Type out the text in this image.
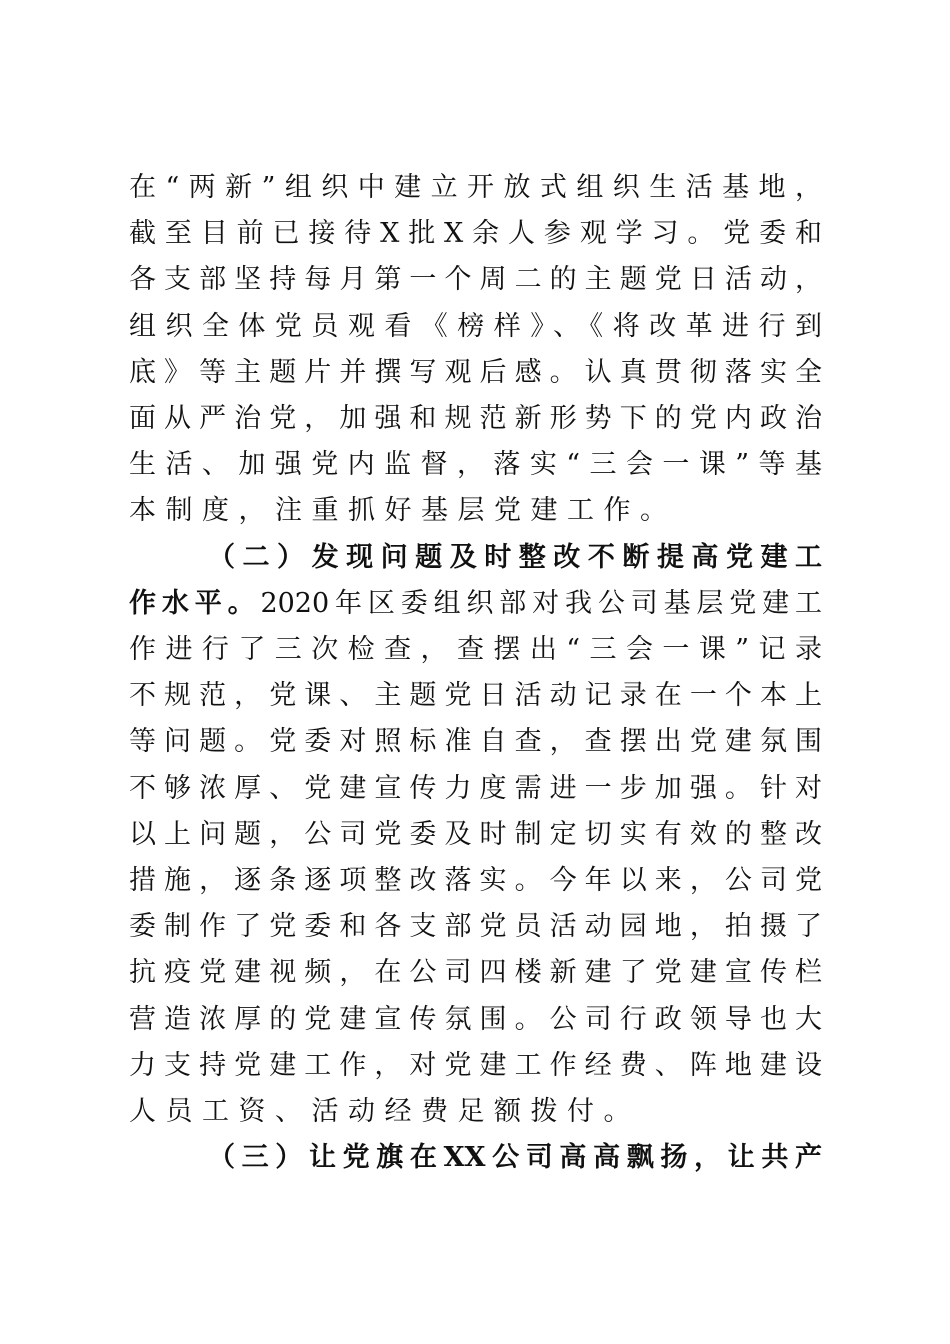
在“两新”组织中建立开放式组织生活基地，
截至目前已接待X批X余人参观学习。党委和
各支部坚持每月第一个周二的主题党日活动，
组织全体党员观看《榜样》、《将改革进行到
底》等主题片并撰写观后感。认真贯彻落实全
面从严治党，加强和规范新形势下的党内政治
生活、加强党内监督，落实“三会一课”等基
本制度，注重抓好基层党建工作。
（二）发现问题及时整改不断提高党建工
作水平。2020年区委组织部对我公司基层党建工
作进行了三次检查，查摆出“三会一课”记录
不规范，党课、主题党日活动记录在一个本上
等问题。党委对照标准自查，查摆出党建氛围
不够浓厚、党建宣传力度需进一步加强。针对
以上问题，公司党委及时制定切实有效的整改
措施，逐条逐项整改落实。今年以来，公司党
委制作了党委和各支部党员活动园地，拍摄了
抗疫党建视频，在公司四楼新建了党建宣传栏
营造浓厚的党建宣传氛围。公司行政领导也大
力支持党建工作，对党建工作经费、阵地建设
人员工资、活动经费足额拨付。
（三）让党旗在XX公司高高飘扬，让共产
